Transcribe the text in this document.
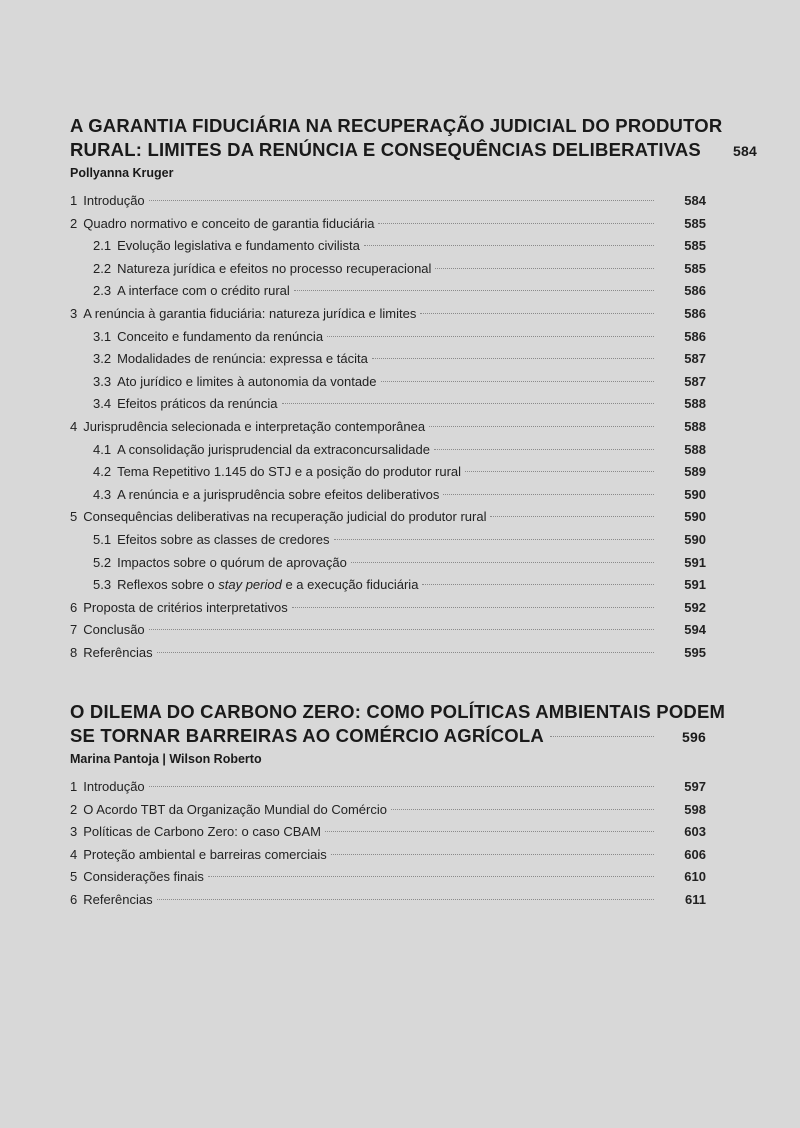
A GARANTIA FIDUCIÁRIA NA RECUPERAÇÃO JUDICIAL DO PRODUTOR
RURAL: LIMITES DA RENÚNCIA E CONSEQUÊNCIAS DELIBERATIVAS 584
Pollyanna Kruger
1 Introdução	584
2 Quadro normativo e conceito de garantia fiduciária	585
2.1 Evolução legislativa e fundamento civilista	585
2.2 Natureza jurídica e efeitos no processo recuperacional	585
2.3 A interface com o crédito rural	586
3 A renúncia à garantia fiduciária: natureza jurídica e limites	586
3.1 Conceito e fundamento da renúncia	586
3.2 Modalidades de renúncia: expressa e tácita	587
3.3 Ato jurídico e limites à autonomia da vontade	587
3.4 Efeitos práticos da renúncia	588
4 Jurisprudência selecionada e interpretação contemporânea	588
4.1 A consolidação jurisprudencial da extraconcursalidade	588
4.2 Tema Repetitivo 1.145 do STJ e a posição do produtor rural	589
4.3 A renúncia e a jurisprudência sobre efeitos deliberativos	590
5 Consequências deliberativas na recuperação judicial do produtor rural	590
5.1 Efeitos sobre as classes de credores	590
5.2 Impactos sobre o quórum de aprovação	591
5.3 Reflexos sobre o stay period e a execução fiduciária	591
6 Proposta de critérios interpretativos	592
7 Conclusão	594
8 Referências	595
O DILEMA DO CARBONO ZERO: COMO POLÍTICAS AMBIENTAIS PODEM
SE TORNAR BARREIRAS AO COMÉRCIO AGRÍCOLA	596
Marina Pantoja | Wilson Roberto
1 Introdução	597
2 O Acordo TBT da Organização Mundial do Comércio	598
3 Políticas de Carbono Zero: o caso CBAM	603
4 Proteção ambiental e barreiras comerciais	606
5 Considerações finais	610
6 Referências	611
